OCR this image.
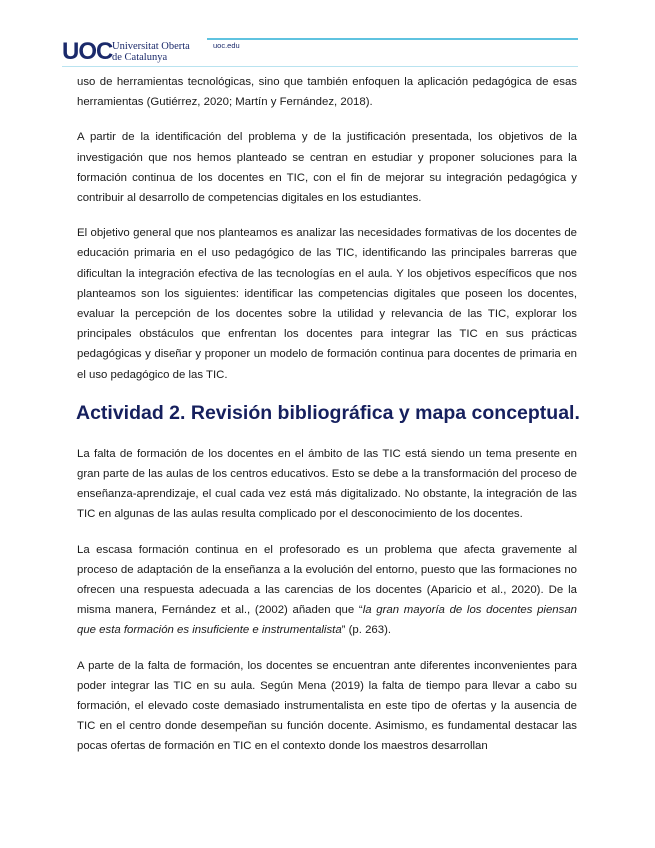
UOC Universitat Oberta
de Catalunya
uoc.edu

uso de herramientas tecnológicas, sino que también enfoquen la aplicación pedagógica de esas herramientas (Gutiérrez, 2020; Martín y Fernández, 2018).

A partir de la identificación del problema y de la justificación presentada, los objetivos de la investigación que nos hemos planteado se centran en estudiar y proponer soluciones para la formación continua de los docentes en TIC, con el fin de mejorar su integración pedagógica y contribuir al desarrollo de competencias digitales en los estudiantes.

El objetivo general que nos planteamos es analizar las necesidades formativas de los docentes de educación primaria en el uso pedagógico de las TIC, identificando las principales barreras que dificultan la integración efectiva de las tecnologías en el aula. Y los objetivos específicos que nos planteamos son los siguientes: identificar las competencias digitales que poseen los docentes, evaluar la percepción de los docentes sobre la utilidad y relevancia de las TIC, explorar los principales obstáculos que enfrentan los docentes para integrar las TIC en sus prácticas pedagógicas y diseñar y proponer un modelo de formación continua para docentes de primaria en el uso pedagógico de las TIC.

Actividad 2. Revisión bibliográfica y mapa conceptual.

La falta de formación de los docentes en el ámbito de las TIC está siendo un tema presente en gran parte de las aulas de los centros educativos. Esto se debe a la transformación del proceso de enseñanza-aprendizaje, el cual cada vez está más digitalizado. No obstante, la integración de las TIC en algunas de las aulas resulta complicado por el desconocimiento de los docentes.

La escasa formación continua en el profesorado es un problema que afecta gravemente al proceso de adaptación de la enseñanza a la evolución del entorno, puesto que las formaciones no ofrecen una respuesta adecuada a las carencias de los docentes (Aparicio et al., 2020). De la misma manera, Fernández et al., (2002) añaden que “la gran mayoría de los docentes piensan que esta formación es insuficiente e instrumentalista” (p. 263).

A parte de la falta de formación, los docentes se encuentran ante diferentes inconvenientes para poder integrar las TIC en su aula. Según Mena (2019) la falta de tiempo para llevar a cabo su formación, el elevado coste demasiado instrumentalista en este tipo de ofertas y la ausencia de TIC en el centro donde desempeñan su función docente. Asimismo, es fundamental destacar las pocas ofertas de formación en TIC en el contexto donde los maestros desarrollan
